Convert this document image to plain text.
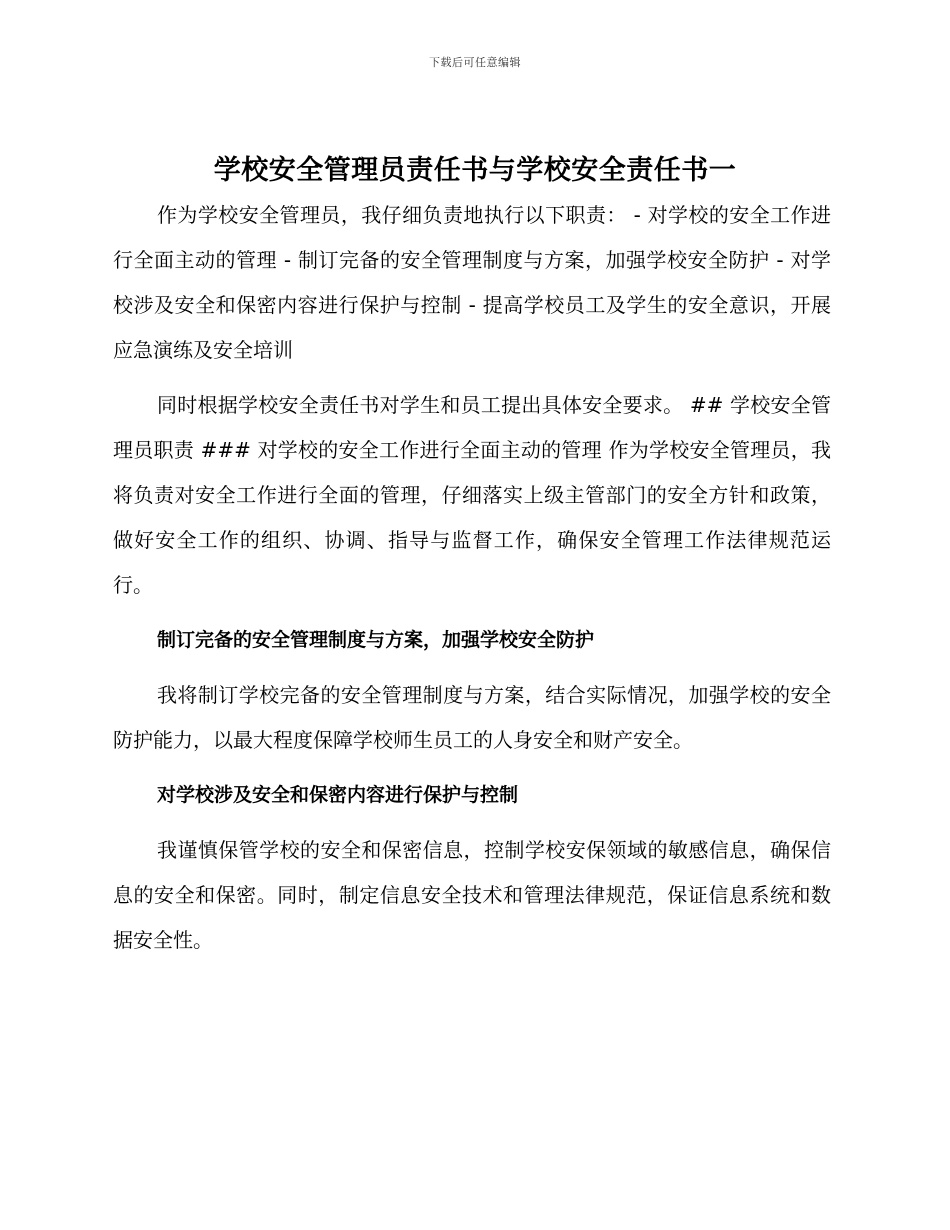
下载后可任意编辑
学校安全管理员责任书与学校安全责任书一

作为学校安全管理员，我仔细负责地执行以下职责： - 对学校的安全工作进行全面主动的管理 - 制订完备的安全管理制度与方案，加强学校安全防护 - 对学校涉及安全和保密内容进行保护与控制 - 提高学校员工及学生的安全意识，开展应急演练及安全培训

同时根据学校安全责任书对学生和员工提出具体安全要求。 ## 学校安全管理员职责 ### 对学校的安全工作进行全面主动的管理 作为学校安全管理员，我将负责对安全工作进行全面的管理，仔细落实上级主管部门的安全方针和政策，做好安全工作的组织、协调、指导与监督工作，确保安全管理工作法律规范运行。

制订完备的安全管理制度与方案，加强学校安全防护

我将制订学校完备的安全管理制度与方案，结合实际情况，加强学校的安全防护能力，以最大程度保障学校师生员工的人身安全和财产安全。

对学校涉及安全和保密内容进行保护与控制

我谨慎保管学校的安全和保密信息，控制学校安保领域的敏感信息，确保信息的安全和保密。同时，制定信息安全技术和管理法律规范，保证信息系统和数据安全性。
